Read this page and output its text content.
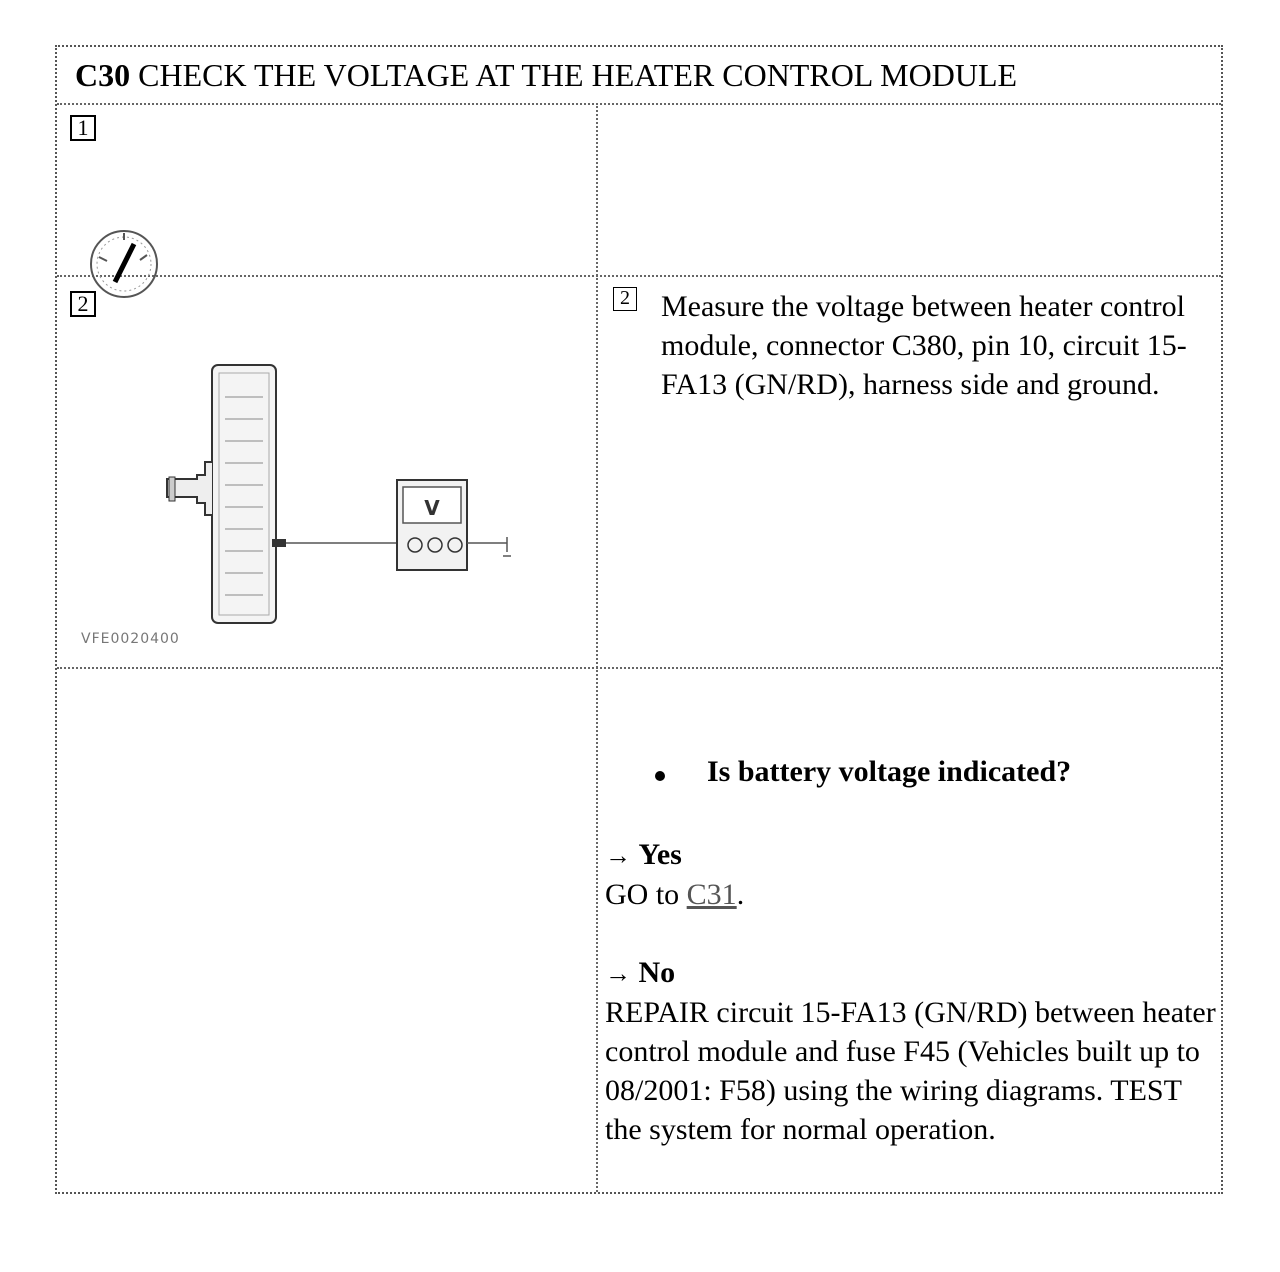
C30 CHECK THE VOLTAGE AT THE HEATER CONTROL MODULE
1
2
V
VFE0020400
2	Measure the voltage between heater control module, connector C380, pin 10, circuit 15-FA13 (GN/RD), harness side and ground.
Is battery voltage indicated?
→ Yes
GO to C31.
→ No
REPAIR circuit 15-FA13 (GN/RD) between heater control module and fuse F45 (Vehicles built up to 08/2001: F58) using the wiring diagrams. TEST the system for normal operation.
